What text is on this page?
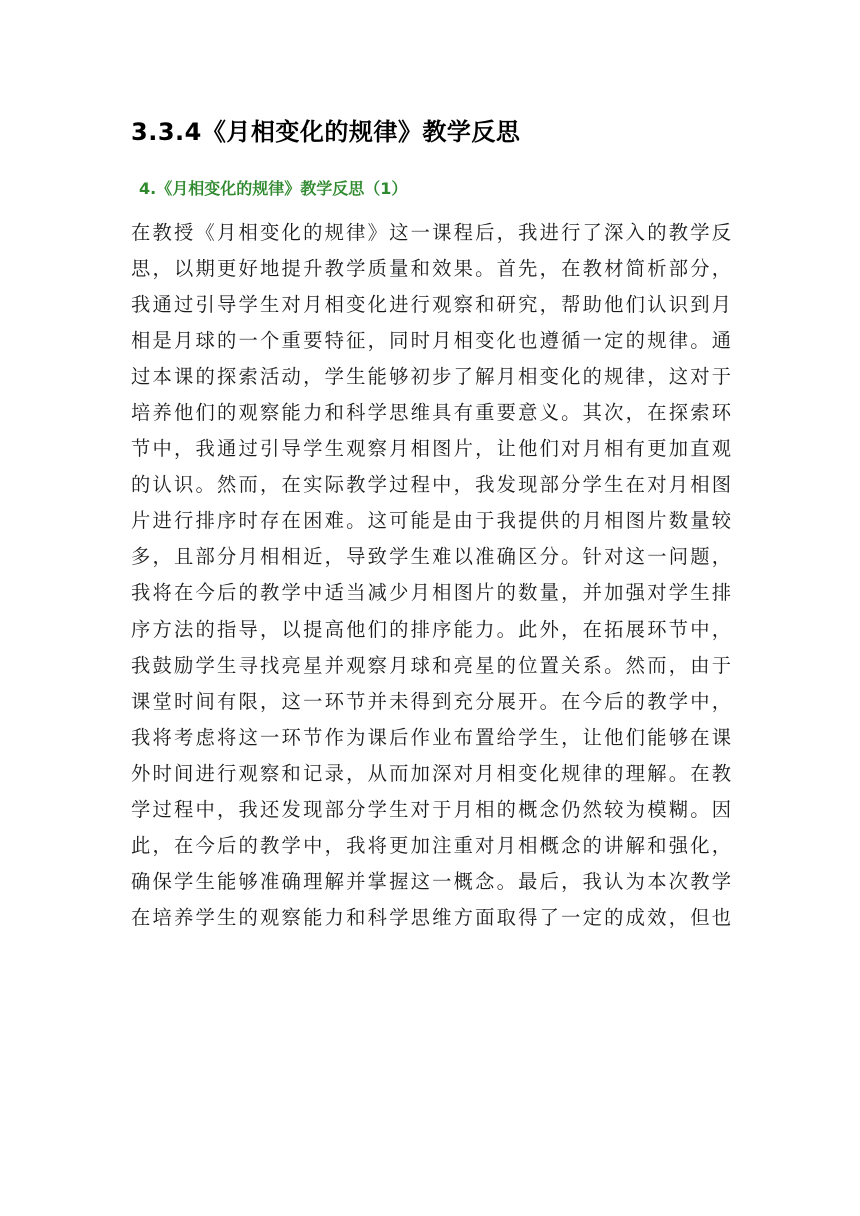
3.3.4《月相变化的规律》教学反思
4.《月相变化的规律》教学反思（1）
在教授《月相变化的规律》这一课程后，我进行了深入的教学反
思，以期更好地提升教学质量和效果。首先，在教材简析部分，
我通过引导学生对月相变化进行观察和研究，帮助他们认识到月
相是月球的一个重要特征，同时月相变化也遵循一定的规律。通
过本课的探索活动，学生能够初步了解月相变化的规律，这对于
培养他们的观察能力和科学思维具有重要意义。其次，在探索环
节中，我通过引导学生观察月相图片，让他们对月相有更加直观
的认识。然而，在实际教学过程中，我发现部分学生在对月相图
片进行排序时存在困难。这可能是由于我提供的月相图片数量较
多，且部分月相相近，导致学生难以准确区分。针对这一问题，
我将在今后的教学中适当减少月相图片的数量，并加强对学生排
序方法的指导，以提高他们的排序能力。此外，在拓展环节中，
我鼓励学生寻找亮星并观察月球和亮星的位置关系。然而，由于
课堂时间有限，这一环节并未得到充分展开。在今后的教学中，
我将考虑将这一环节作为课后作业布置给学生，让他们能够在课
外时间进行观察和记录，从而加深对月相变化规律的理解。在教
学过程中，我还发现部分学生对于月相的概念仍然较为模糊。因
此，在今后的教学中，我将更加注重对月相概念的讲解和强化，
确保学生能够准确理解并掌握这一概念。最后，我认为本次教学
在培养学生的观察能力和科学思维方面取得了一定的成效，但也
